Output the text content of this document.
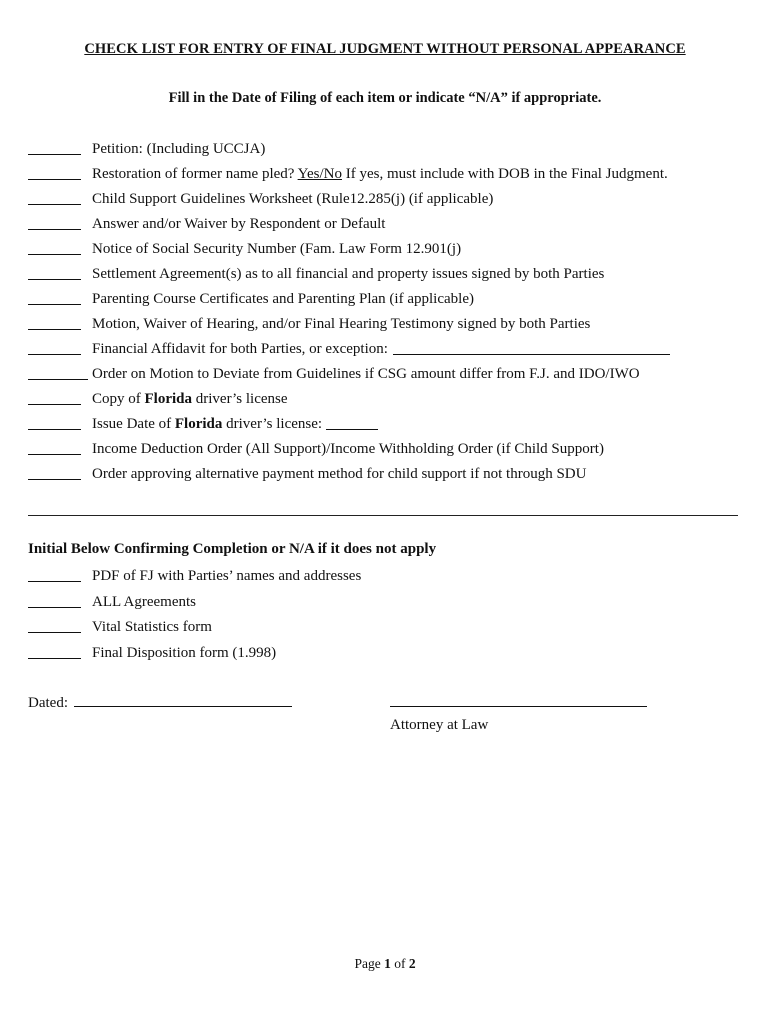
CHECK LIST FOR ENTRY OF FINAL JUDGMENT WITHOUT PERSONAL APPEARANCE
Fill in the Date of Filing of each item or indicate “N/A” if appropriate.
Petition: (Including UCCJA)
Restoration of former name pled? Yes/No If yes, must include with DOB in the Final Judgment.
Child Support Guidelines Worksheet (Rule12.285(j) (if applicable)
Answer and/or Waiver by Respondent or Default
Notice of Social Security Number (Fam. Law Form 12.901(j)
Settlement Agreement(s) as to all financial and property issues signed by both Parties
Parenting Course Certificates and Parenting Plan (if applicable)
Motion, Waiver of Hearing, and/or Final Hearing Testimony signed by both Parties
Financial Affidavit for both Parties, or exception:
Order on Motion to Deviate from Guidelines if CSG amount differ from F.J. and IDO/IWO
Copy of Florida driver’s license
Issue Date of Florida driver’s license:
Income Deduction Order (All Support)/Income Withholding Order (if Child Support)
Order approving alternative payment method for child support if not through SDU
Initial Below Confirming Completion or N/A if it does not apply
PDF of FJ with Parties’ names and addresses
ALL Agreements
Vital Statistics form
Final Disposition form (1.998)
Dated:
Attorney at Law
Page 1 of 2
